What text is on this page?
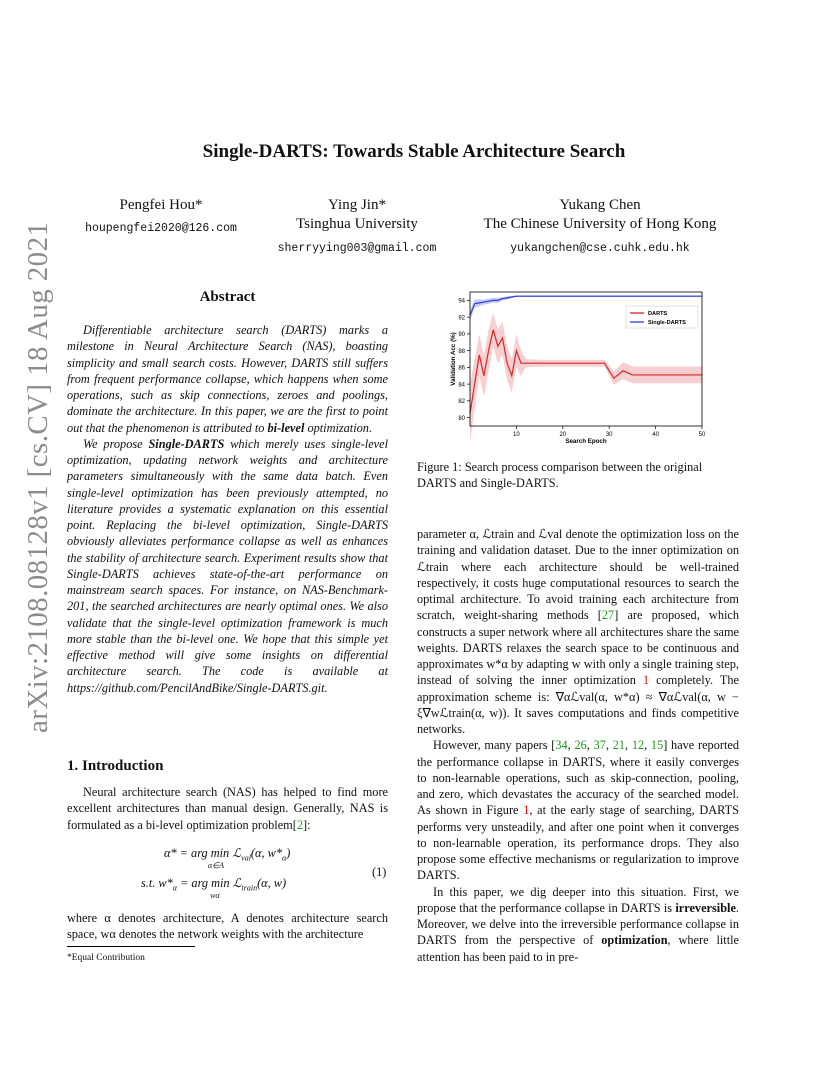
arXiv:2108.08128v1 [cs.CV] 18 Aug 2021
Single-DARTS: Towards Stable Architecture Search
Pengfei Hou*
houpengfei2020@126.com
Ying Jin*
Tsinghua University
sherryying003@gmail.com
Yukang Chen
The Chinese University of Hong Kong
yukangchen@cse.cuhk.edu.hk
Abstract

Differentiable architecture search (DARTS) marks a milestone in Neural Architecture Search (NAS), boasting simplicity and small search costs. However, DARTS still suffers from frequent performance collapse, which happens when some operations, such as skip connections, zeroes and poolings, dominate the architecture. In this paper, we are the first to point out that the phenomenon is attributed to bi-level optimization.

We propose Single-DARTS which merely uses single-level optimization, updating network weights and architecture parameters simultaneously with the same data batch. Even single-level optimization has been previously attempted, no literature provides a systematic explanation on this essential point. Replacing the bi-level optimization, Single-DARTS obviously alleviates performance collapse as well as enhances the stability of architecture search. Experiment results show that Single-DARTS achieves state-of-the-art performance on mainstream search spaces. For instance, on NAS-Benchmark-201, the searched architectures are nearly optimal ones. We also validate that the single-level optimization framework is much more stable than the bi-level one. We hope that this simple yet effective method will give some insights on differential architecture search. The code is available at https://github.com/PencilAndBike/Single-DARTS.git.

1. Introduction

Neural architecture search (NAS) has helped to find more excellent architectures than manual design. Generally, NAS is formulated as a bi-level optimization problem[2]:

α* = arg min ℒ$_{val}$(α, $w*_\alpha$)
α∈A
s.t. $w*_\alpha$ = arg min ℒ$_{train}$(α, w)
wα
(1)

where α denotes architecture, A denotes architecture search space, wα denotes the network weights with the architecture

*Equal Contribution
80
82
84
86
88
90
92
94
10	20	30	40	50
Search Epoch
Validation Acc (%)
DARTS
Single-DARTS
Figure 1: Search process comparison between the original DARTS and Single-DARTS.

parameter α, ℒtrain and ℒval denote the optimization loss on the training and validation dataset. Due to the inner optimization on ℒtrain where each architecture should be well-trained respectively, it costs huge computational resources to search the optimal architecture. To avoid training each architecture from scratch, weight-sharing methods [27] are proposed, which constructs a super network where all architectures share the same weights. DARTS relaxes the search space to be continuous and approximates w*α by adapting w with only a single training step, instead of solving the inner optimization 1 completely. The approximation scheme is: ∇αℒval(α, w*α) ≈ ∇αℒval(α, w − ξ∇wℒtrain(α, w)). It saves computations and finds competitive networks.

However, many papers [34, 26, 37, 21, 12, 15] have reported the performance collapse in DARTS, where it easily converges to non-learnable operations, such as skip-connection, pooling, and zero, which devastates the accuracy of the searched model. As shown in Figure 1, at the early stage of searching, DARTS performs very unsteadily, and after one point when it converges to non-learnable operation, its performance drops. They also propose some effective mechanisms or regularization to improve DARTS.

In this paper, we dig deeper into this situation. First, we propose that the performance collapse in DARTS is irreversible. Moreover, we delve into the irreversible performance collapse in DARTS from the perspective of optimization, where little attention has been paid to in pre-
